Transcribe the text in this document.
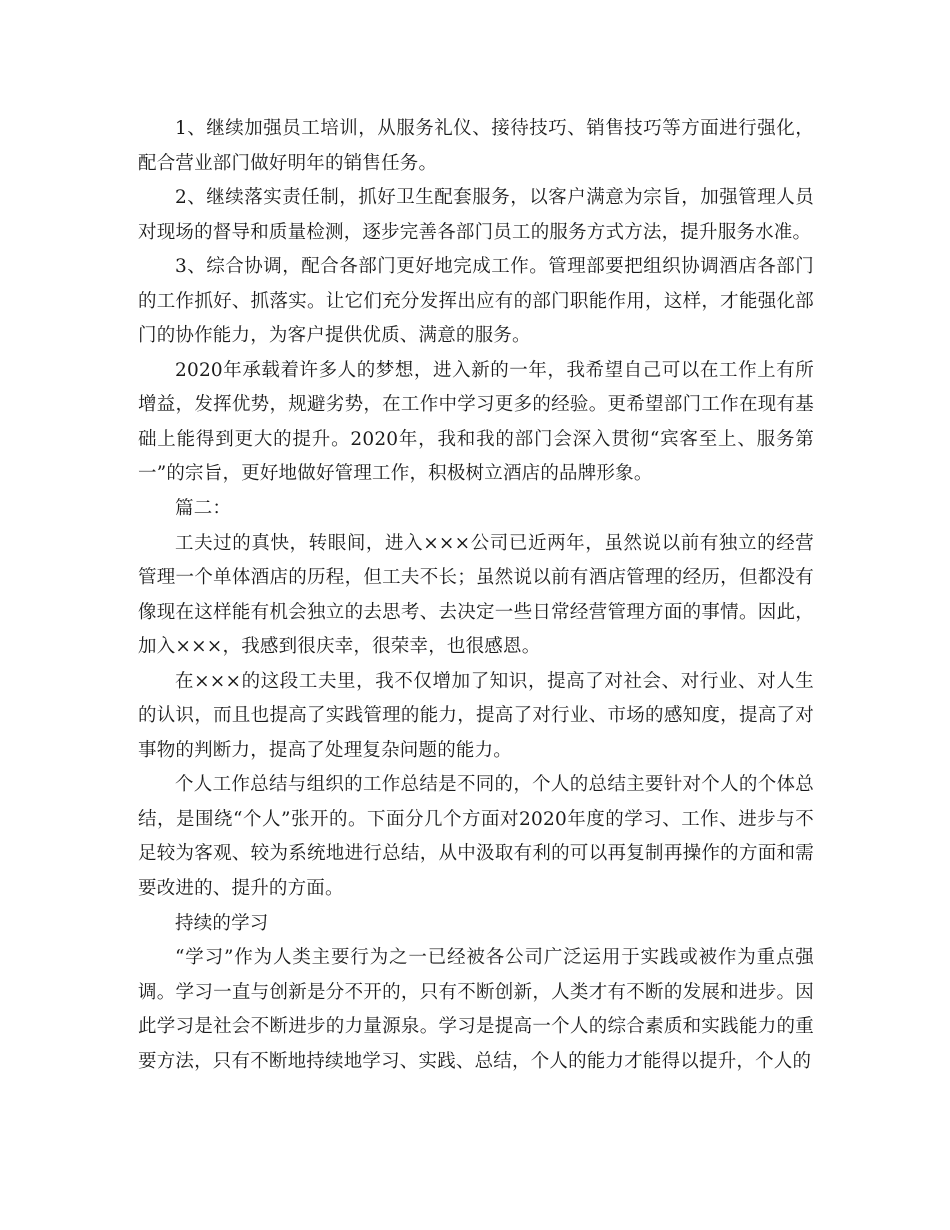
1、继续加强员工培训，从服务礼仪、接待技巧、销售技巧等方面进行强化，配合营业部门做好明年的销售任务。

2、继续落实责任制，抓好卫生配套服务，以客户满意为宗旨，加强管理人员对现场的督导和质量检测，逐步完善各部门员工的服务方式方法，提升服务水准。

3、综合协调，配合各部门更好地完成工作。管理部要把组织协调酒店各部门的工作抓好、抓落实。让它们充分发挥出应有的部门职能作用，这样，才能强化部门的协作能力，为客户提供优质、满意的服务。

2020年承载着许多人的梦想，进入新的一年，我希望自己可以在工作上有所增益，发挥优势，规避劣势，在工作中学习更多的经验。更希望部门工作在现有基础上能得到更大的提升。2020年，我和我的部门会深入贯彻“宾客至上、服务第一”的宗旨，更好地做好管理工作，积极树立酒店的品牌形象。

篇二：

工夫过的真快，转眼间，进入×××公司已近两年，虽然说以前有独立的经营管理一个单体酒店的历程，但工夫不长；虽然说以前有酒店管理的经历，但都没有像现在这样能有机会独立的去思考、去决定一些日常经营管理方面的事情。因此，加入×××，我感到很庆幸，很荣幸，也很感恩。

在×××的这段工夫里，我不仅增加了知识，提高了对社会、对行业、对人生的认识，而且也提高了实践管理的能力，提高了对行业、市场的感知度，提高了对事物的判断力，提高了处理复杂问题的能力。

个人工作总结与组织的工作总结是不同的，个人的总结主要针对个人的个体总结，是围绕“个人”张开的。下面分几个方面对2020年度的学习、工作、进步与不足较为客观、较为系统地进行总结，从中汲取有利的可以再复制再操作的方面和需要改进的、提升的方面。

持续的学习

“学习”作为人类主要行为之一已经被各公司广泛运用于实践或被作为重点强调。学习一直与创新是分不开的，只有不断创新，人类才有不断的发展和进步。因此学习是社会不断进步的力量源泉。学习是提高一个人的综合素质和实践能力的重要方法，只有不断地持续地学习、实践、总结，个人的能力才能得以提升，个人的
